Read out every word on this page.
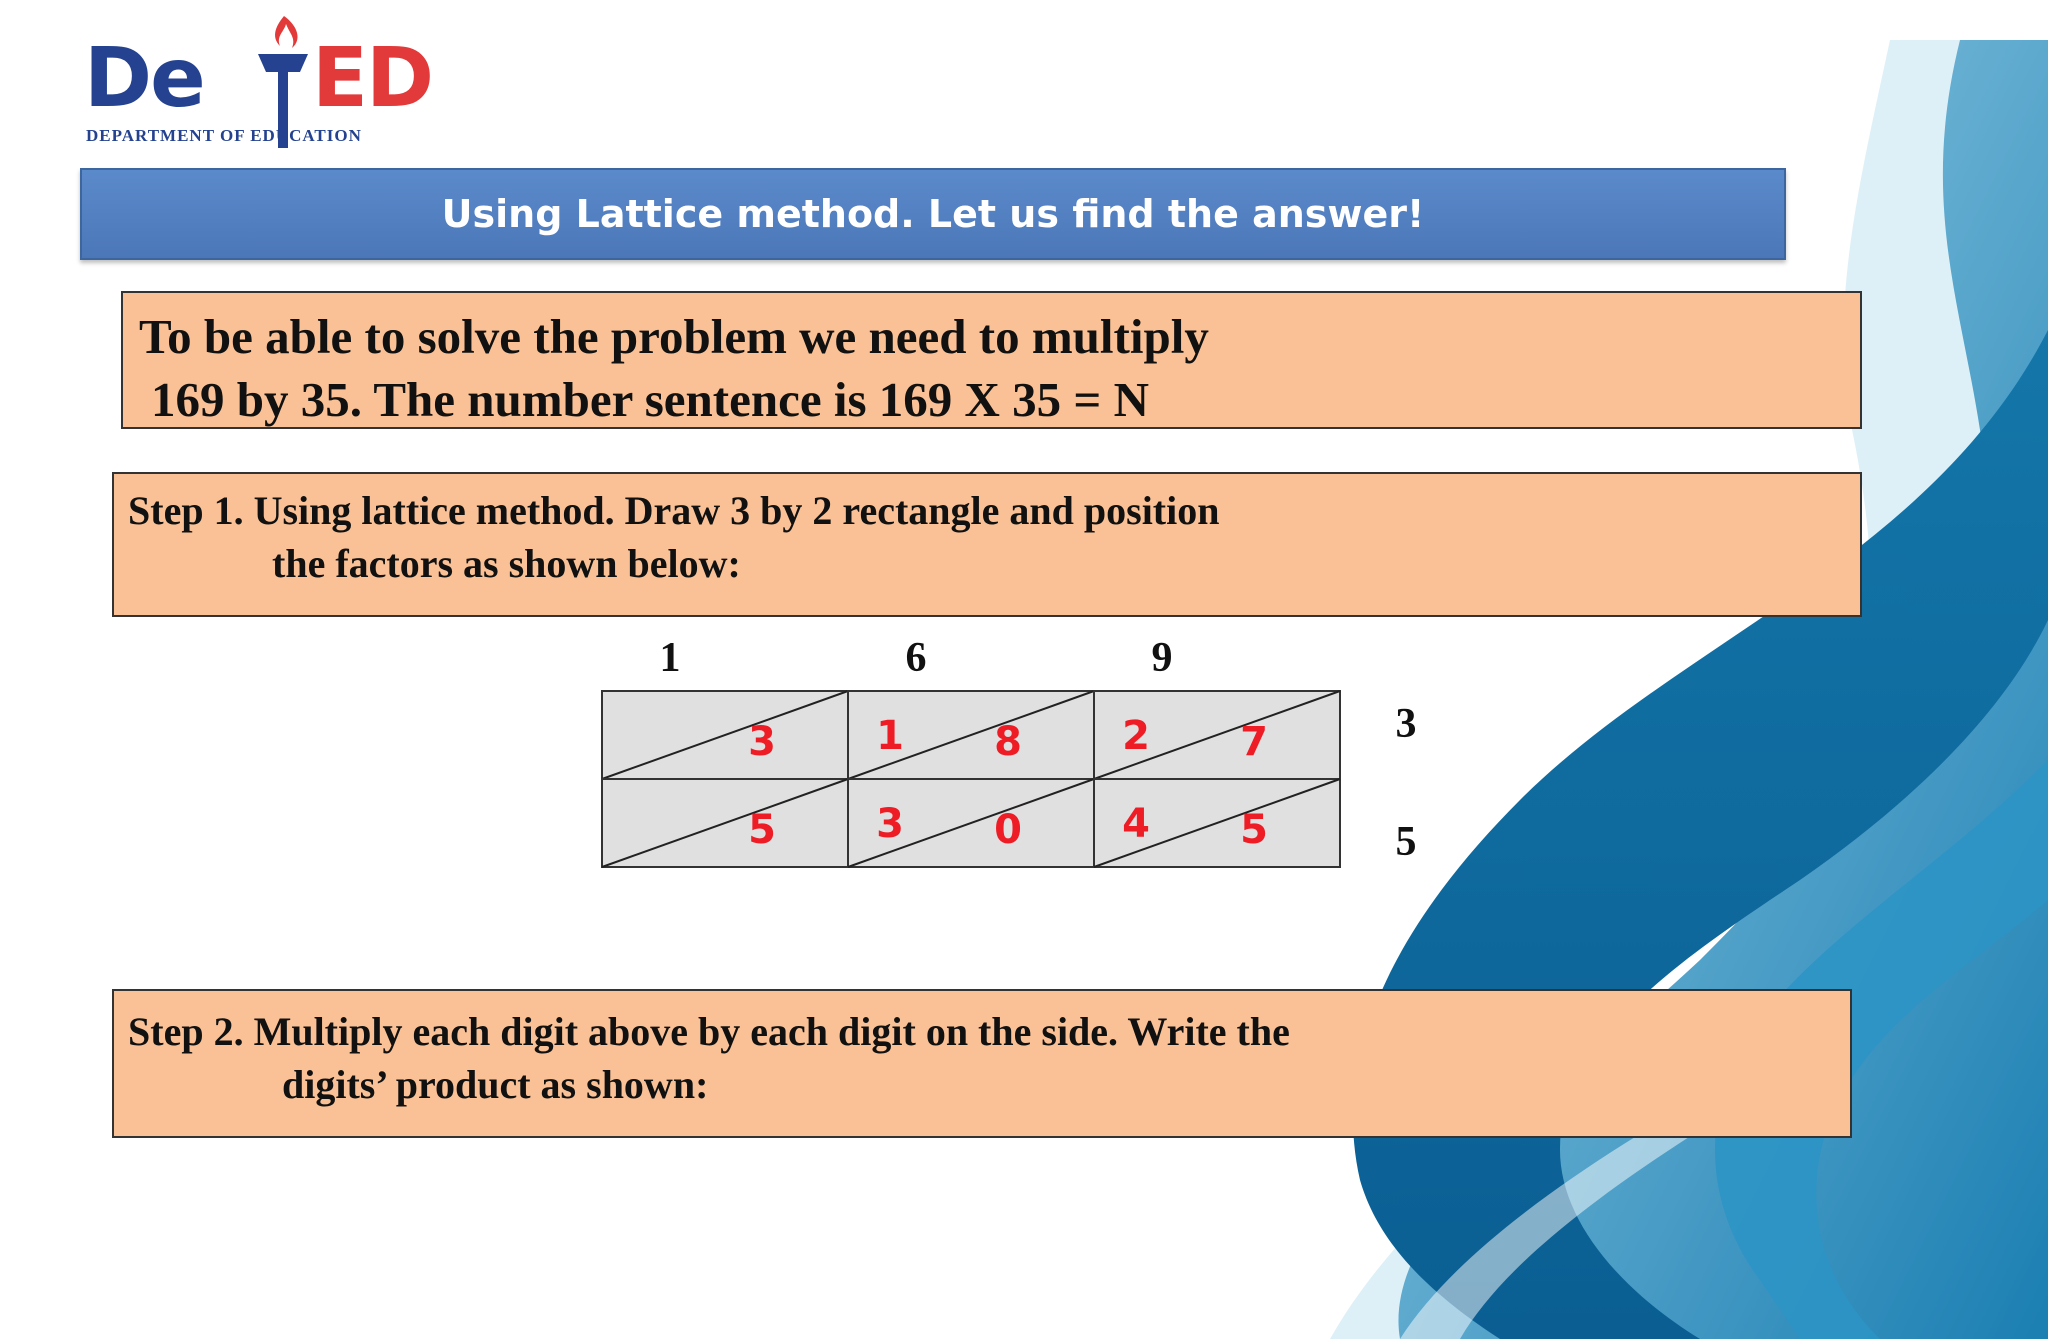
De ED
DEPARTMENT OF EDUCATION
Using Lattice method. Let us find the answer!
To be able to solve the problem we need to multiply
169 by 35. The number sentence is 169 X 35 = N
Step 1. Using lattice method. Draw 3 by 2 rectangle and position
the factors as shown below:
3	1 8	2 7
5	3 0	4 5
1	6	9
3
5
Step 2. Multiply each digit above by each digit on the side. Write the
digits’ product as shown:
